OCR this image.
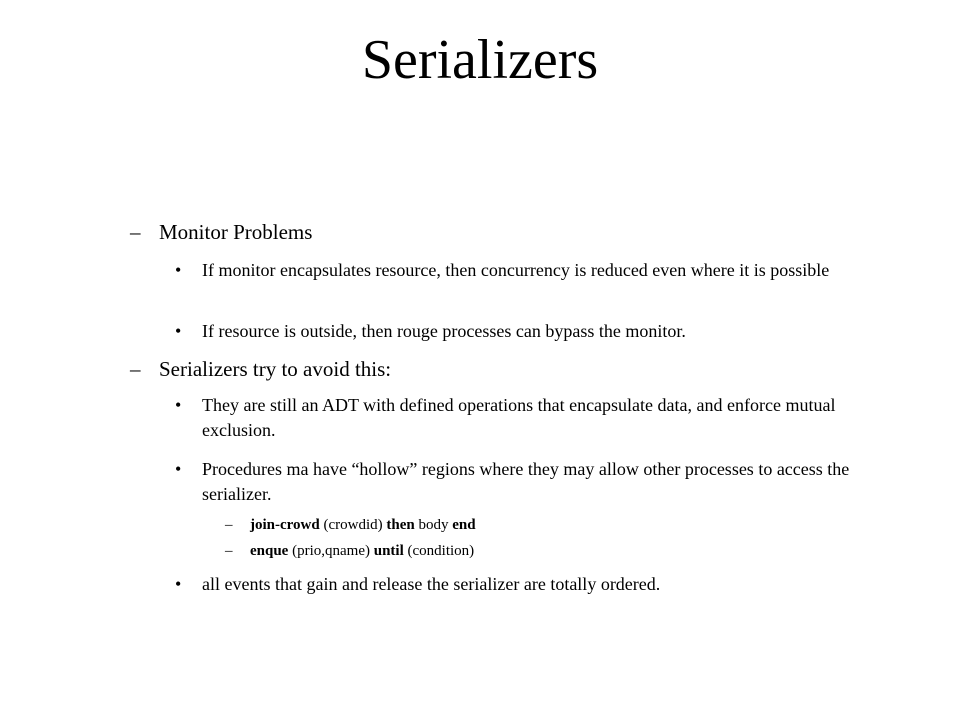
Serializers
– Monitor Problems
• If monitor encapsulates resource, then concurrency is reduced even where it is possible
• If resource is outside, then rouge processes can bypass the monitor.
– Serializers try to avoid this:
• They are still an ADT with defined operations that encapsulate data, and enforce mutual exclusion.
• Procedures ma have “hollow” regions where they may allow other processes to access the serializer.
– join-crowd (crowdid) then body end
– enque (prio,qname) until (condition)
• all events that gain and release the serializer are totally ordered.
